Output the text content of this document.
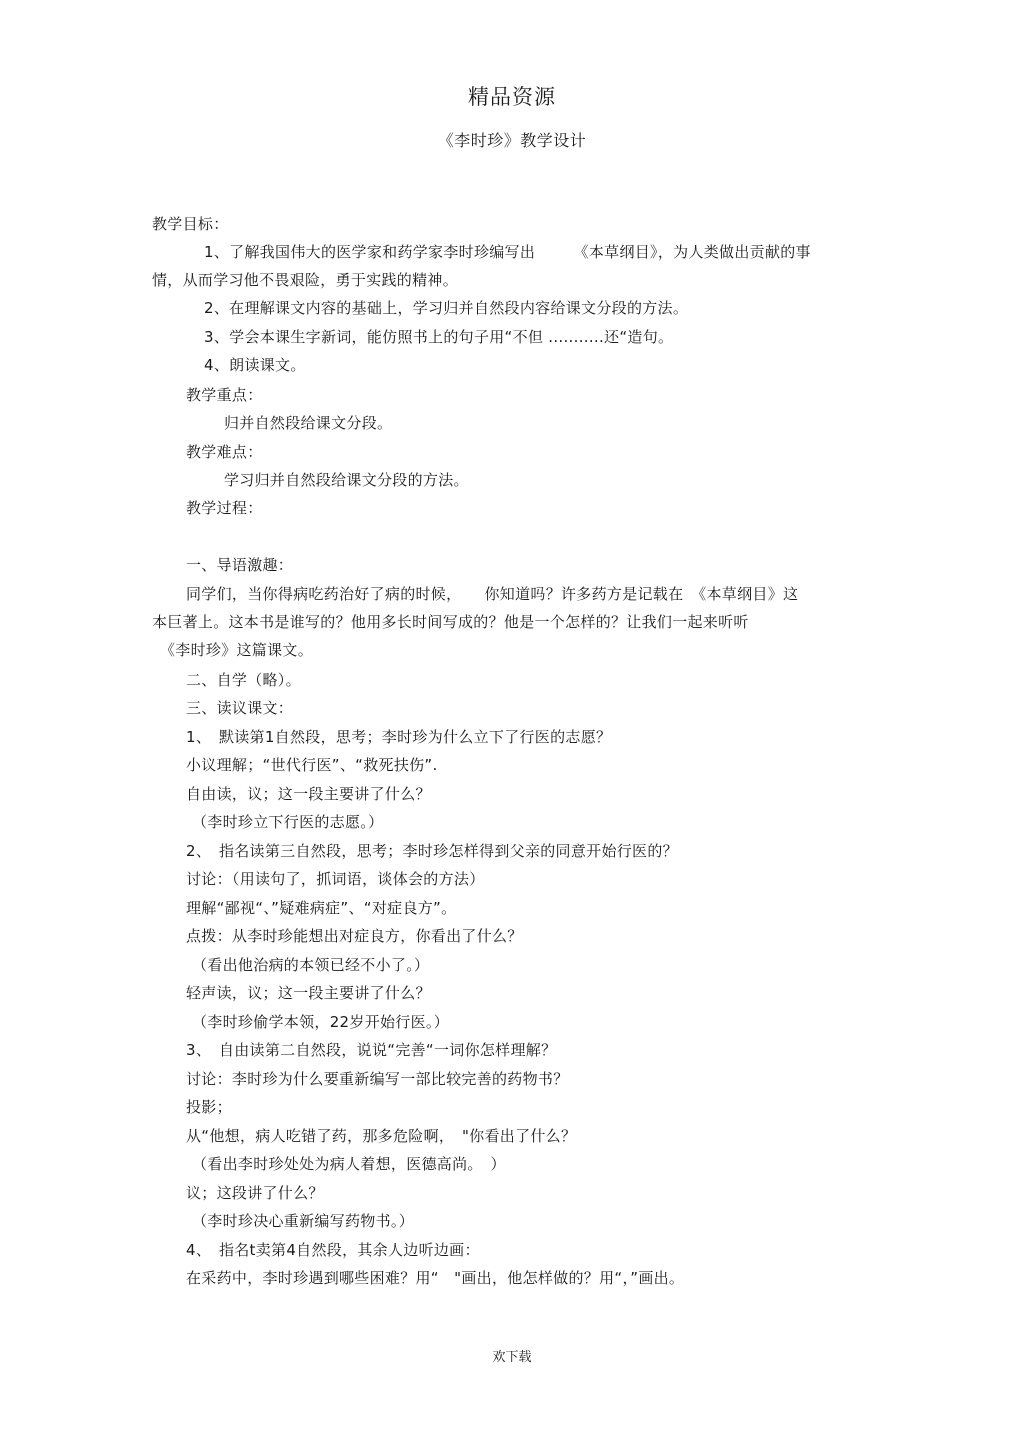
精品资源
《李时珍》教学设计
教学目标：
1、了解我国伟大的医学家和药学家李时珍编写出　　　《本草纲目》，为人类做出贡献的事
情，从而学习他不畏艰险，勇于实践的精神。
2、在理解课文内容的基础上，学习归并自然段内容给课文分段的方法。
3、学会本课生字新词，能仿照书上的句子用“不但 ...........还“造句。
4、朗读课文。
教学重点：
归并自然段给课文分段。
教学难点：
学习归并自然段给课文分段的方法。
教学过程：
一、导语激趣：
同学们，当你得病吃药治好了病的时候，　　你知道吗？许多药方是记载在　《本草纲目》这
本巨著上。这本书是谁写的？他用多长时间写成的？他是一个怎样的？让我们一起来听听
《李时珍》这篇课文。
二、自学（略）。
三、读议课文：
1、　默读第1自然段，思考；李时珍为什么立下了行医的志愿？
小议理解；“世代行医”、“救死扶伤”.
自由读，议；这一段主要讲了什么？
（李时珍立下行医的志愿。）
2、　指名读第三自然段，思考；李时珍怎样得到父亲的同意开始行医的？
讨论：（用读句了，抓词语，谈体会的方法）
理解“鄙视“、”疑难病症”、“对症良方”。
点拨：从李时珍能想出对症良方，你看出了什么？
（看出他治病的本领已经不小了。）
轻声读，议；这一段主要讲了什么？
（李时珍偷学本领，22岁开始行医。）
3、　自由读第二自然段，说说“完善“一词你怎样理解？
讨论：李时珍为什么要重新编写一部比较完善的药物书？
投影；
从“他想，病人吃错了药，那多危险啊，　"你看出了什么？
（看出李时珍处处为病人着想，医德高尚。　）
议；这段讲了什么？
（李时珍决心重新编写药物书。）
4、　指名t卖第4自然段，其余人边听边画：
在采药中，李时珍遇到哪些困难？用“　"画出，他怎样做的？用“，”画出。
欢下载
